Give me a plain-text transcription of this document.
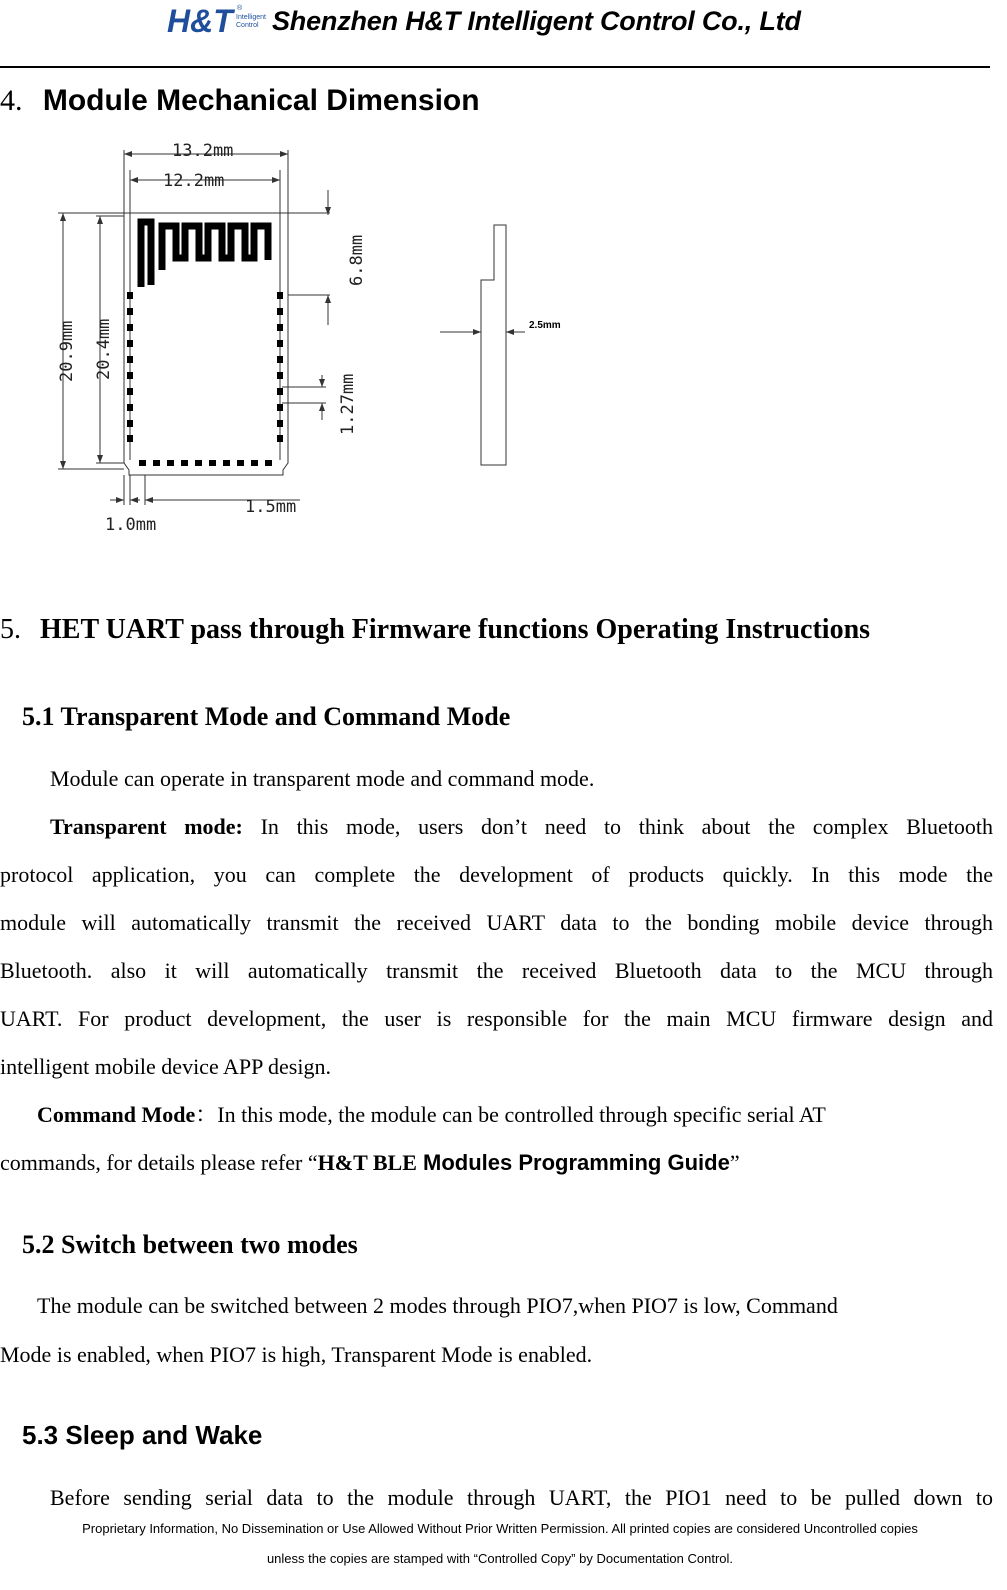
H&T ®
Intelligent Control Shenzhen H&T Intelligent Control Co., Ltd
4. Module Mechanical Dimension
13.2mm
12.2mm
20.9mm 20.4mm
6.8mm
1.27mm
1.5mm
1.0mm
2.5mm
5. HET UART pass through Firmware functions Operating Instructions
5.1 Transparent Mode and Command Mode
Module can operate in transparent mode and command mode.
Transparent mode: In this mode, users don’t need to think about the complex Bluetooth
protocol application, you can complete the development of products quickly. In this mode the
module will automatically transmit the received UART data to the bonding mobile device through
Bluetooth. also it will automatically transmit the received Bluetooth data to the MCU through
UART. For product development, the user is responsible for the main MCU firmware design and
intelligent mobile device APP design.
Command Mode：In this mode, the module can be controlled through specific serial AT
commands, for details please refer “H&T BLE Modules Programming Guide”
5.2 Switch between two modes
The module can be switched between 2 modes through PIO7,when PIO7 is low, Command
Mode is enabled, when PIO7 is high, Transparent Mode is enabled.
5.3 Sleep and Wake
Before sending serial data to the module through UART, the PIO1 need to be pulled down to
Proprietary Information, No Dissemination or Use Allowed Without Prior Written Permission. All printed copies are considered Uncontrolled copies
unless the copies are stamped with “Controlled Copy” by Documentation Control.
